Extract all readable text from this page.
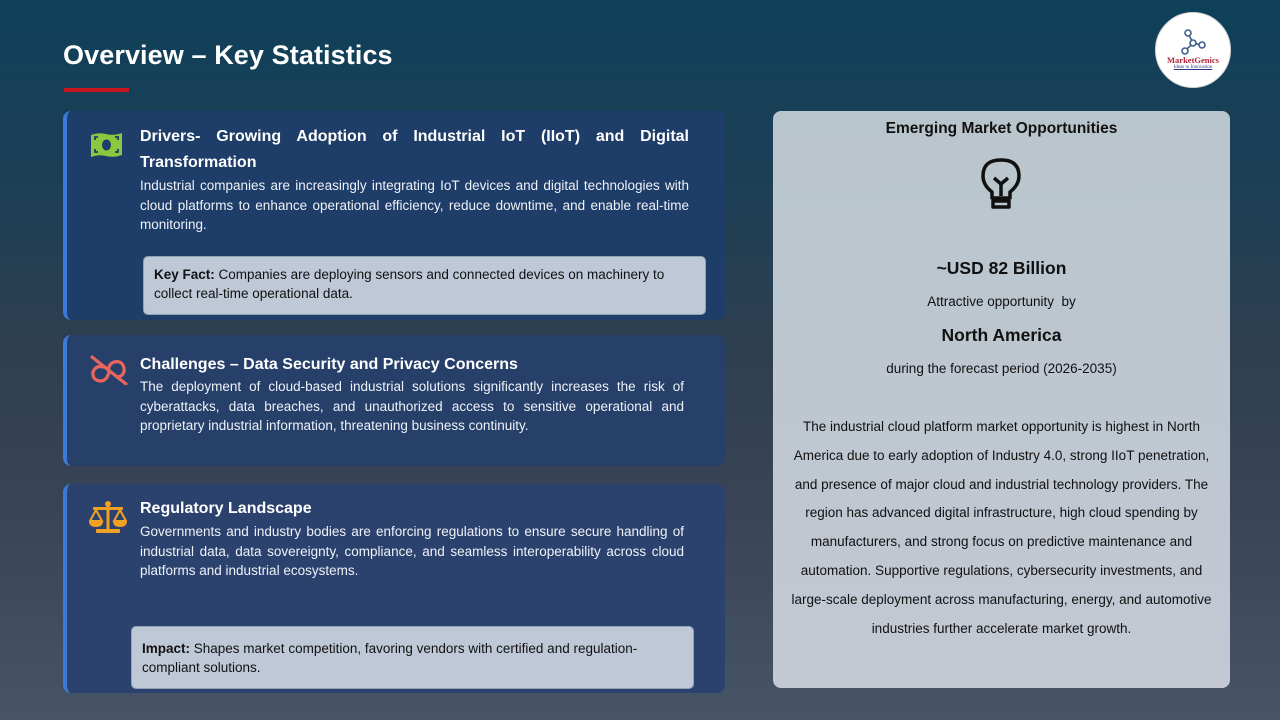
Overview – Key Statistics	MarketGenics
Ideas to Innovation
Drivers- Growing Adoption of Industrial IoT (IIoT) and Digital Transformation
Industrial companies are increasingly integrating IoT devices and digital technologies with cloud platforms to enhance operational efficiency, reduce downtime, and enable real-time monitoring.
Key Fact: Companies are deploying sensors and connected devices on machinery to collect real-time operational data.
Challenges – Data Security and Privacy Concerns
The deployment of cloud-based industrial solutions significantly increases the risk of cyberattacks, data breaches, and unauthorized access to sensitive operational and proprietary industrial information, threatening business continuity.
Regulatory Landscape
Governments and industry bodies are enforcing regulations to ensure secure handling of industrial data, data sovereignty, compliance, and seamless interoperability across cloud platforms and industrial ecosystems.
Impact: Shapes market competition, favoring vendors with certified and regulation-compliant solutions.
Emerging Market Opportunities
~USD 82 Billion
Attractive opportunity  by
North America
during the forecast period (2026-2035)
The industrial cloud platform market opportunity is highest in North America due to early adoption of Industry 4.0, strong IIoT penetration, and presence of major cloud and industrial technology providers. The region has advanced digital infrastructure, high cloud spending by manufacturers, and strong focus on predictive maintenance and automation. Supportive regulations, cybersecurity investments, and large-scale deployment across manufacturing, energy, and automotive industries further accelerate market growth.
